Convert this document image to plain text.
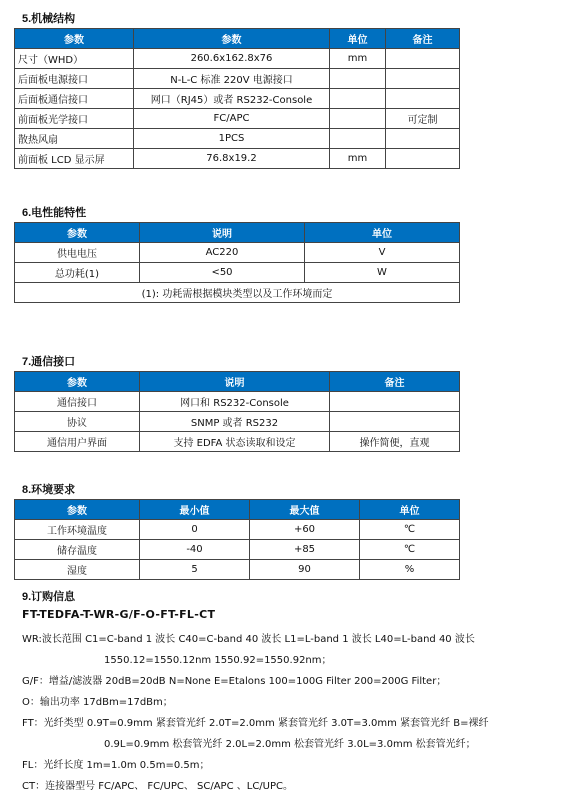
5.机械结构
参数	参数	单位	备注
尺寸（WHD）	260.6x162.8x76	mm	
后面板电源接口	N-L-C 标准 220V 电源接口		
后面板通信接口	网口（RJ45）或者 RS232-Console		
前面板光学接口	FC/APC		可定制
散热风扇	1PCS		
前面板 LCD 显示屏	76.8x19.2	mm	
6.电性能特性
参数	说明	单位
供电电压	AC220	V
总功耗(1)	<50	W
(1): 功耗需根据模块类型以及工作环境而定		
7.通信接口
参数	说明	备注
通信接口	网口和 RS232-Console	
协议	SNMP 或者 RS232	
通信用户界面	支持 EDFA 状态读取和设定	操作简便，直观
8.环境要求
参数	最小值	最大值	单位
工作环境温度	0	+60	℃
储存温度	-40	+85	℃
湿度	5	90	%
9.订购信息
FT-TEDFA-T-WR-G/F-O-FT-FL-CT
WR:波长范围 C1=C-band 1 波长 C40=C-band 40 波长 L1=L-band 1 波长 L40=L-band 40 波长
1550.12=1550.12nm 1550.92=1550.92nm；
G/F：增益/滤波器 20dB=20dB N=None E=Etalons 100=100G Filter 200=200G Filter；
O：输出功率 17dBm=17dBm；
FT：光纤类型 0.9T=0.9mm 紧套管光纤 2.0T=2.0mm 紧套管光纤 3.0T=3.0mm 紧套管光纤 B=裸纤
0.9L=0.9mm 松套管光纤 2.0L=2.0mm 松套管光纤 3.0L=3.0mm 松套管光纤；
FL：光纤长度 1m=1.0m 0.5m=0.5m；
CT：连接器型号 FC/APC、 FC/UPC、 SC/APC 、LC/UPC。
